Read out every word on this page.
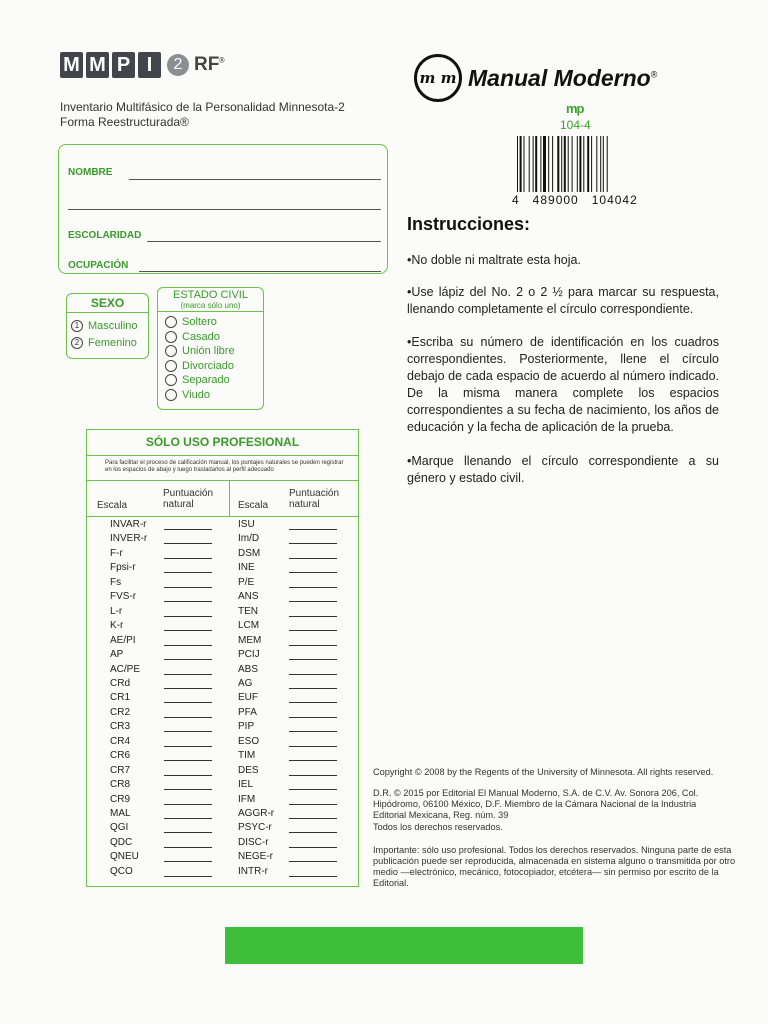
M M P I	2 RF®
Inventario Multifásico de la Personalidad Minnesota-2
Forma Reestructurada®
NOMBRE
ESCOLARIDAD
OCUPACIÓN
SEXO
1 Masculino
2 Femenino
ESTADO CIVIL
(marca sólo uno)
Soltero
Casado
Unión libre
Divorciado
Separado
Viudo
SÓLO USO PROFESIONAL
Para facilitar el proceso de calificación manual, los puntajes naturales se pueden registrar en los espacios de abajo y luego trasladarlos al perfil adecuado
Escala
Puntuación natural	Escala
Puntuación natural
INVAR-r	ISU
INVER-r	Im/D
F-r	DSM
Fpsi-r	INE
Fs	P/E
FVS-r	ANS
L-r	TEN
K-r	LCM
AE/PI	MEM
AP	PCIJ
AC/PE	ABS
CRd	AG
CR1	EUF
CR2	PFA
CR3	PIP
CR4	ESO
CR6	TIM
CR7	DES
CR8	IEL
CR9	IFM
MAL	AGGR-r
QGI	PSYC-r
QDC	DISC-r
QNEU	NEGE-r
QCO	INTR-r
m m Manual Moderno®
mp
104-4
4   489000   104042
Instrucciones:
•No doble ni maltrate esta hoja.
•Use lápiz del No. 2 o 2 ½ para marcar su respuesta, llenando completamente el círculo correspondiente.
•Escriba su número de identificación en los cuadros correspondientes. Posteriormente, llene el círculo debajo de cada espacio de acuerdo al número indicado. De la misma manera complete los espacios correspondientes a su fecha de nacimiento, los años de educación y la fecha de aplicación de la prueba.
•Marque llenando el círculo correspondiente a su género y estado civil.
Copyright © 2008 by the Regents of the University of Minnesota. All rights reserved.
D.R. © 2015 por Editorial El Manual Moderno, S.A. de C.V. Av. Sonora 206, Col. Hipódromo, 06100 México, D.F. Miembro de la Cámara Nacional de la Industria Editorial Mexicana, Reg. núm. 39
Todos los derechos reservados.
Importante: sólo uso profesional. Todos los derechos reservados. Ninguna parte de esta publicación puede ser reproducida, almacenada en sistema alguno o transmitida por otro medio —electrónico, mecánico, fotocopiador, etcétera— sin permiso por escrito de la Editorial.
